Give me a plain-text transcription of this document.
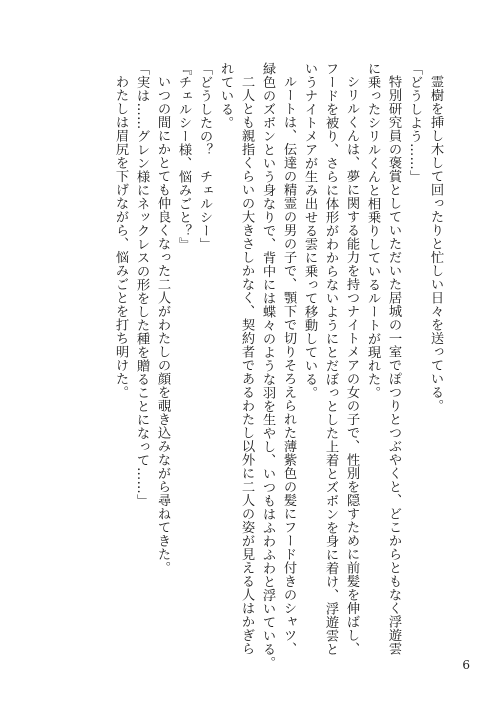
霊樹を挿し木して回ったりと忙しい日々を送っている。
「どうしよう……」
特別研究員の褒賞としていただいた居城の一室でぽつりとつぶやくと、どこからともなく浮遊雲
に乗ったシリルくんと相乗りしているルートが現れた。
シリルくんは、夢に関する能力を持つナイトメアの女の子で、性別を隠すために前髪を伸ばし、
フードを被り、さらに体形がわからないようにとだぼっとした上着とズボンを身に着け、浮遊雲と
いうナイトメアが生み出せる雲に乗って移動している。
ルートは、伝達の精霊の男の子で、顎下で切りそろえられた薄紫色の髪にフード付きのシャツ、
緑色のズボンという身なりで、背中には蝶々のような羽を生やし、いつもはふわふわと浮いている。
二人とも親指くらいの大きさしかなく、契約者であるわたし以外に二人の姿が見える人はかぎら
れている。
「どうしたの？　チェルシー」
『チェルシー様、悩みごと？』
いつの間にかとても仲良くなった二人がわたしの顔を覗き込みながら尋ねてきた。
「実は……グレン様にネックレスの形をした種を贈ることになって……」
わたしは眉尻を下げながら、悩みごとを打ち明けた。
6
